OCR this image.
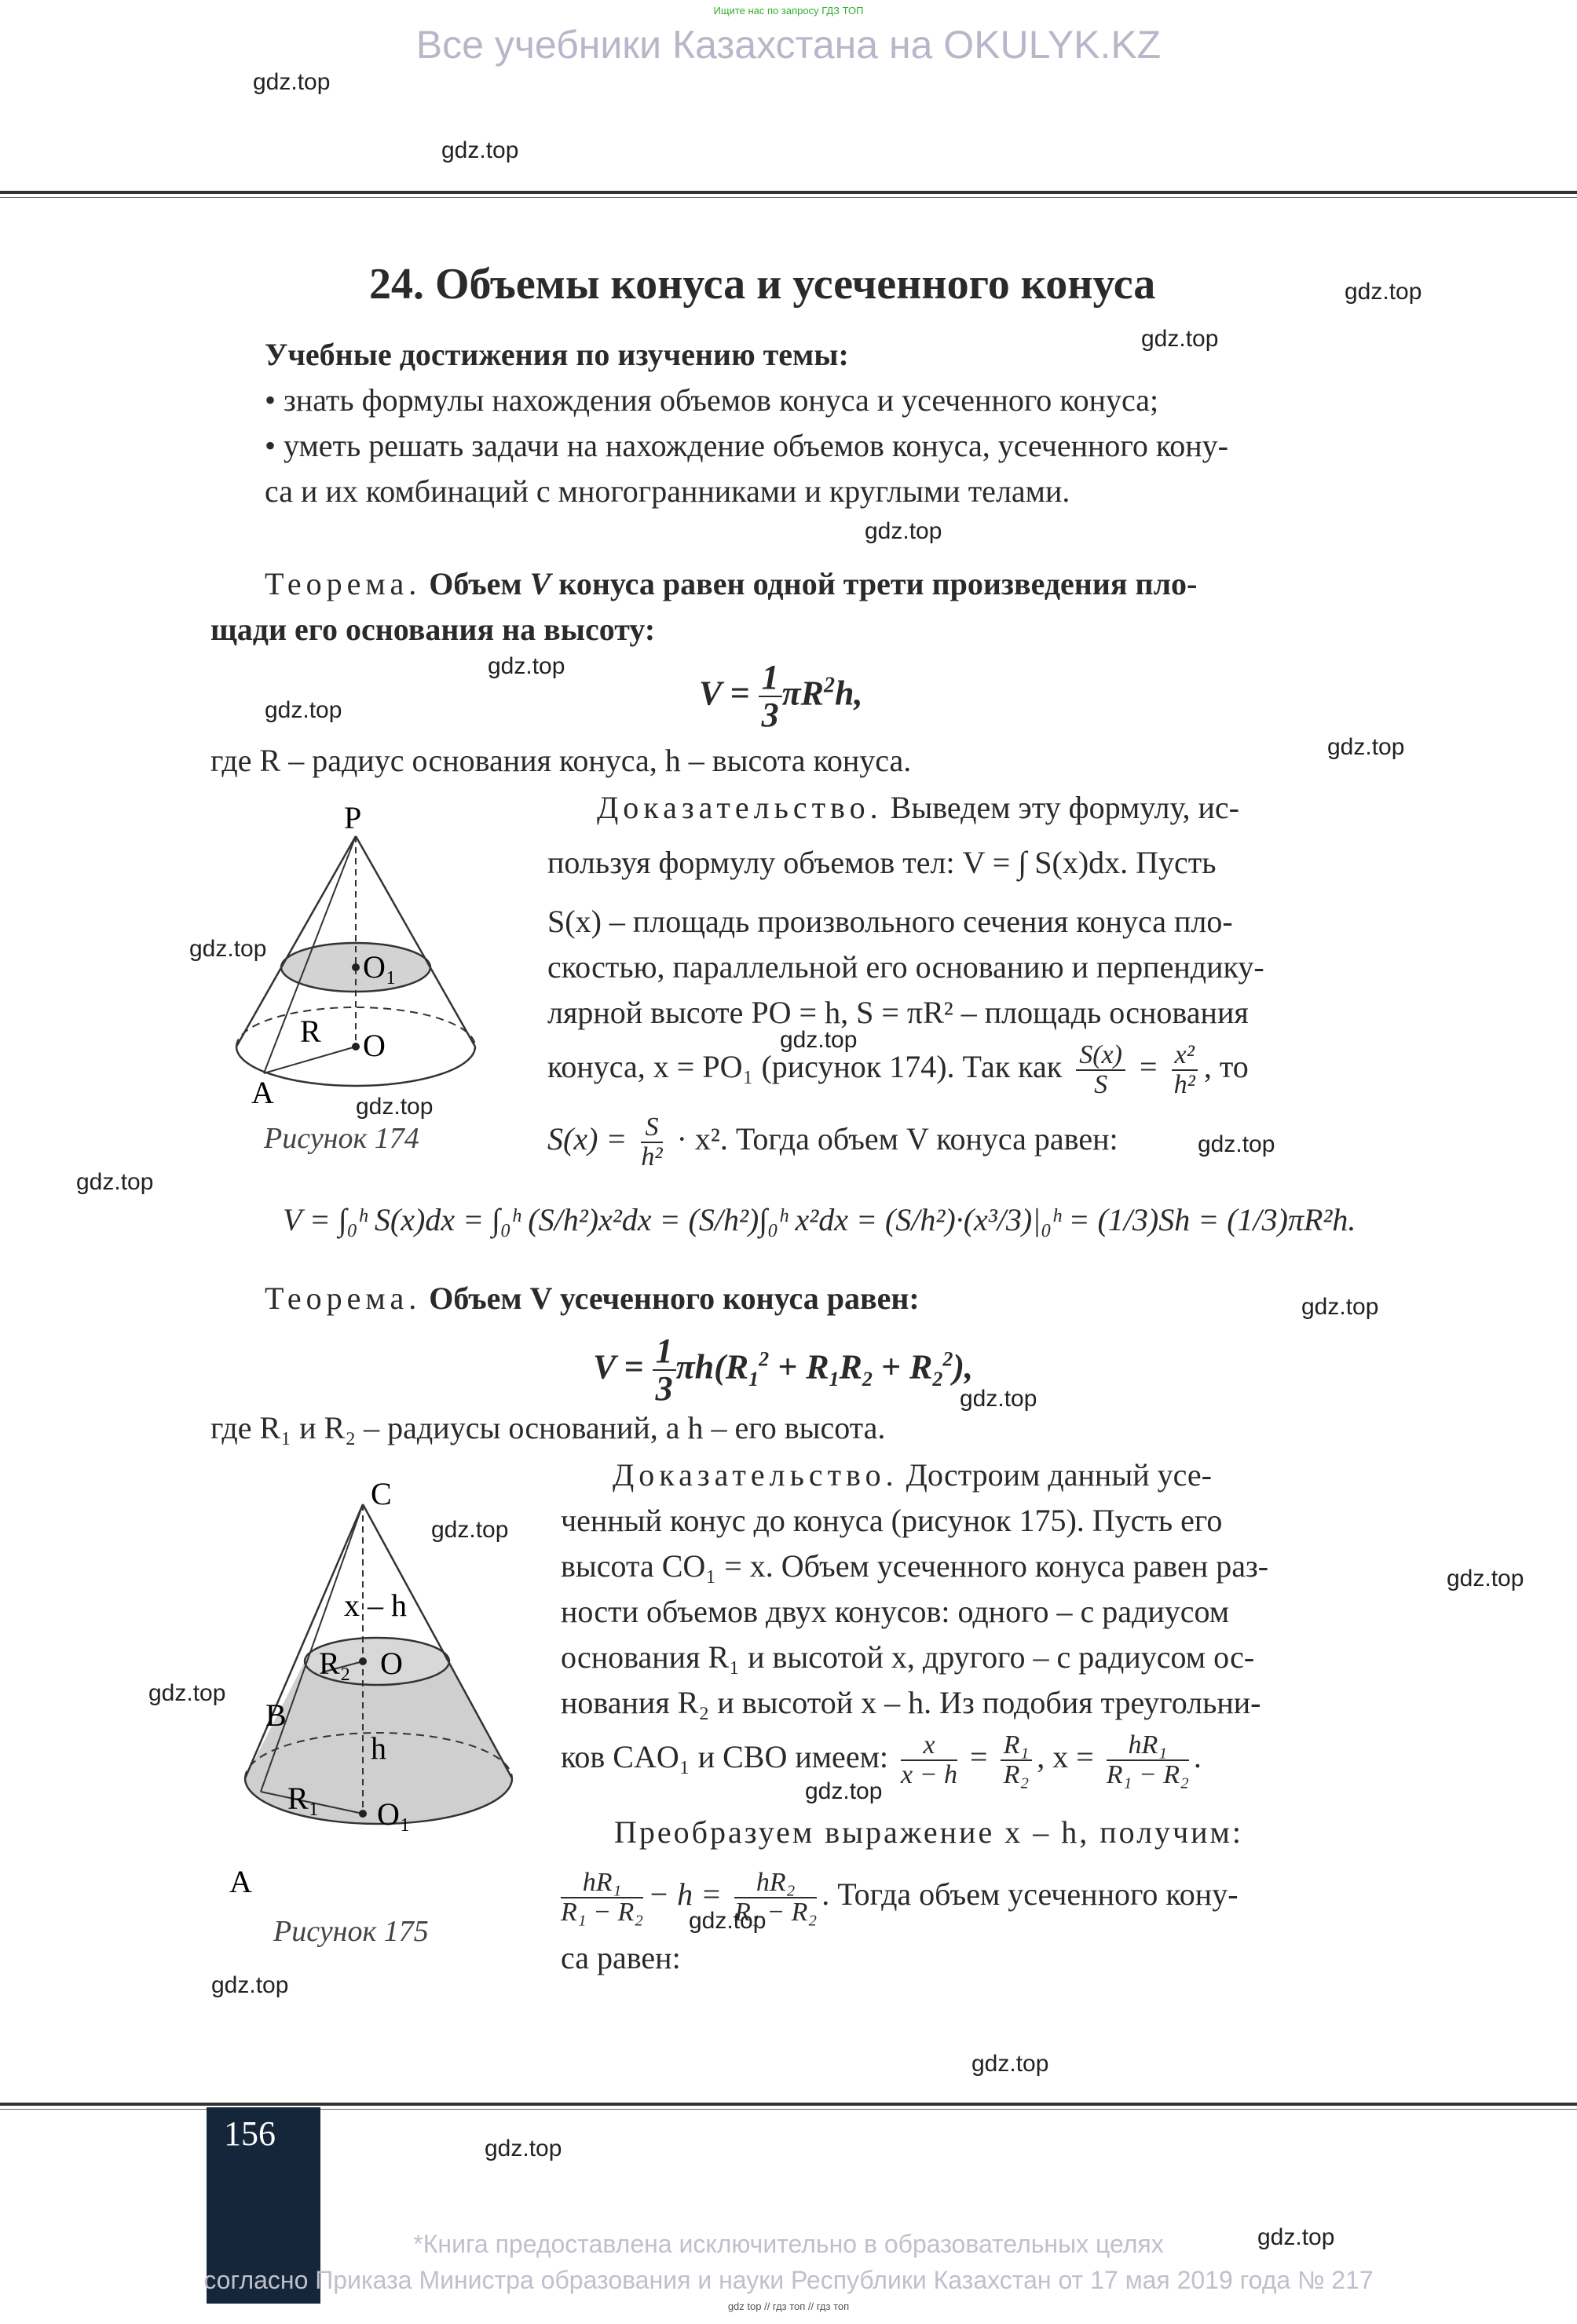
Ищите нас по запросу ГДЗ ТОП
Все учебники Казахстана на OKULYK.KZ
gdz.top
gdz.top
gdz.top
gdz.top
gdz.top
gdz.top
gdz.top
gdz.top
gdz.top
gdz.top
gdz.top
gdz.top
gdz.top
gdz.top
gdz.top
gdz.top
gdz.top
gdz.top
gdz.top
gdz.top
gdz.top
gdz.top
gdz.top
gdz.top
24. Объемы конуса и усеченного конуса
Учебные достижения по изучению темы:
• знать формулы нахождения объемов конуса и усеченного конуса;
• уметь решать задачи на нахождение объемов конуса, усеченного кону-
са и их комбинаций с многогранниками и круглыми телами.
Теорема. Объем V конуса равен одной трети произведения пло-
щади его основания на высоту:
$V = \frac{1}{3} \pi R^2h$,
где R – радиус основания конуса, h – высота конуса.
P
O₁
R O
A
Рисунок 174
Доказательство. Выведем эту формулу, ис-
пользуя формулу объемов тел: V = ∫ S(x)dx. Пусть
S(x) – площадь произвольного сечения конуса пло-
скостью, параллельной его основанию и перпендику-
лярной высоте PO = h, S = πR² – площадь основания
конуса, x = PO₁ (рисунок 174). Так как $\frac{S(x)}{S} = \frac{\text{x²}}{\text{h²}}$ , то
$S(x) = \frac{S}{\text{h²}} \cdot x^2$. Тогда объем V конуса равен:
V = ∫₀ʰ S(x)dx = ∫₀ʰ (S/h²)x²dx = (S/h²)∫₀ʰ x²dx = (S/h²)·(x³/3)|₀ʰ = (1/3)Sh = (1/3)πR²h.
Теорема. Объем V усеченного конуса равен:
$V = \frac{1}{3} \pi h(R_1^2 + R_1R_2 + R_2^2)$,
где R₁ и R₂ – радиусы оснований, а h – его высота.
C
x – h
R₂ O
B
h
R₁ O₁
A
Рисунок 175
Доказательство. Достроим данный усе-
ченный конус до конуса (рисунок 175). Пусть его
высота CO₁ = x. Объем усеченного конуса равен раз-
ности объемов двух конусов: одного – с радиусом
основания R₁ и высотой x, другого – с радиусом ос-
нования R₂ и высотой x – h. Из подобия треугольни-
ков CAO₁ и CBO имеем: $\frac{x}{x - h} = \frac{\text{R₁}}{\text{R₂}}$ , $x = \frac{\text{hR₁}}{\text{R₁ − R₂}}$ .
Преобразуем выражение x – h, получим:
$\frac{\text{hR₁}}{\text{R₁ − R₂}} - h = \frac{\text{hR₂}}{\text{R₁ − R₂}}$ . Тогда объем усеченного кону-
са равен:
156
*Книга предоставлена исключительно в образовательных целях
согласно Приказа Министра образования и науки Республики Казахстан от 17 мая 2019 года № 217
gdz top // гдз топ // гдз топ
